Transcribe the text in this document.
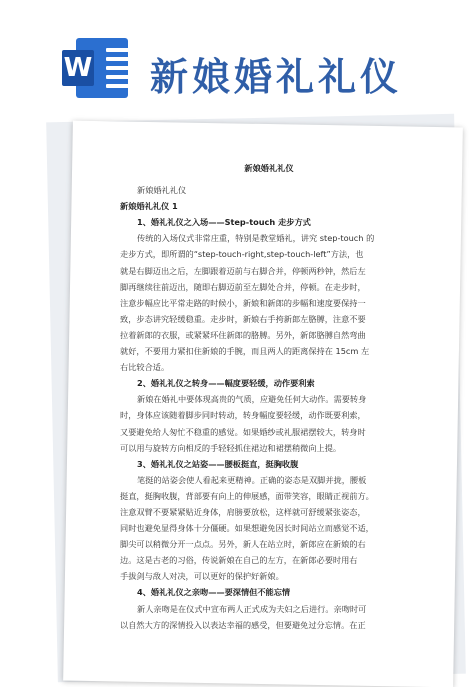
W 新娘婚礼礼仪
新娘婚礼礼仪
新娘婚礼礼仪
新娘婚礼礼仪 1
1、婚礼礼仪之入场——Step-touch 走步方式
传统的入场仪式非常庄重，特别是教堂婚礼，讲究 step-touch 的
走步方式，即所谓的“step-touch-right,step-touch-left”方法，也
就是右脚迈出之后，左脚跟着迈前与右脚合并，停顿两秒钟，然后左
脚再继续往前迈出，随即右脚迈前至左脚处合并，停顿。在走步时，
注意步幅应比平常走路的时候小，新娘和新郎的步幅和速度要保持一
致，步态讲究轻缓稳重。走步时，新娘右手挎新郎左胳膊，注意不要
拉着新郎的衣服，或紧紧环住新郎的胳膊。另外，新郎胳膊自然弯曲
就好，不要用力紧扣住新娘的手腕，而且两人的距离保持在 15cm 左
右比较合适。
2、婚礼礼仪之转身——幅度要轻缓，动作要利索
新娘在婚礼中要体现高贵的气质，应避免任何大动作。需要转身
时，身体应该随着脚步同时转动，转身幅度要轻缓，动作既要利索，
又要避免给人匆忙不稳重的感觉。如果婚纱或礼服裙摆较大，转身时
可以用与旋转方向相反的手轻轻抓住裙边和裙摆稍微向上提。
3、婚礼礼仪之站姿——腰板挺直，挺胸收腹
笔挺的站姿会使人看起来更精神。正确的姿态是双脚并拢，腰板
挺直，挺胸收腹，背部要有向上的伸展感，面带笑容，眼睛正视前方。
注意双臂不要紧紧贴近身体，肩膀要放松，这样就可舒缓紧张姿态，
同时也避免显得身体十分僵硬。如果想避免因长时间站立而感觉不适，
脚尖可以稍微分开一点点。另外，新人在站立时，新郎应在新娘的右
边。这是古老的习俗，传说新娘在自己的左方，在新郎必要时用右
手拔剑与敌人对决，可以更好的保护好新娘。
4、婚礼礼仪之亲吻——要深情但不能忘情
新人亲吻是在仪式中宣布两人正式成为夫妇之后进行。亲吻时可
以自然大方的深情投入以表达幸福的感受，但要避免过分忘情。在正
